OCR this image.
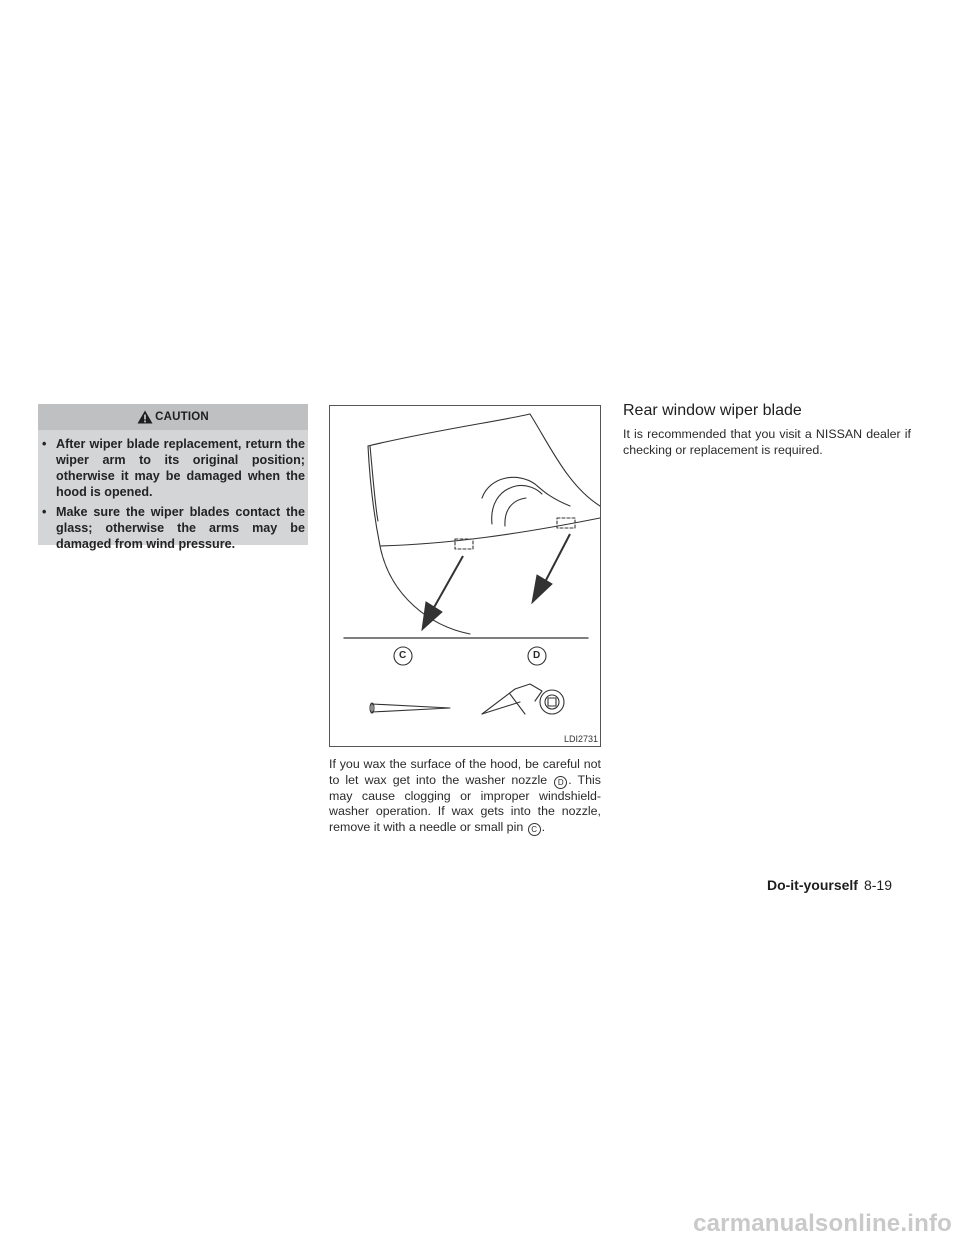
CAUTION
• After wiper blade replacement, return the wiper arm to its original position; otherwise it may be damaged when the hood is opened.
• Make sure the wiper blades contact the glass; otherwise the arms may be damaged from wind pressure.
C	D
LDI2731

If you wax the surface of the hood, be careful not to let wax get into the washer nozzle D . This may cause clogging or improper windshield-washer operation. If wax gets into the nozzle, remove it with a needle or small pin C .

Rear window wiper blade

It is recommended that you visit a NISSAN dealer if checking or replacement is required.

Do-it-yourself 8-19
carmanualsonline.info
